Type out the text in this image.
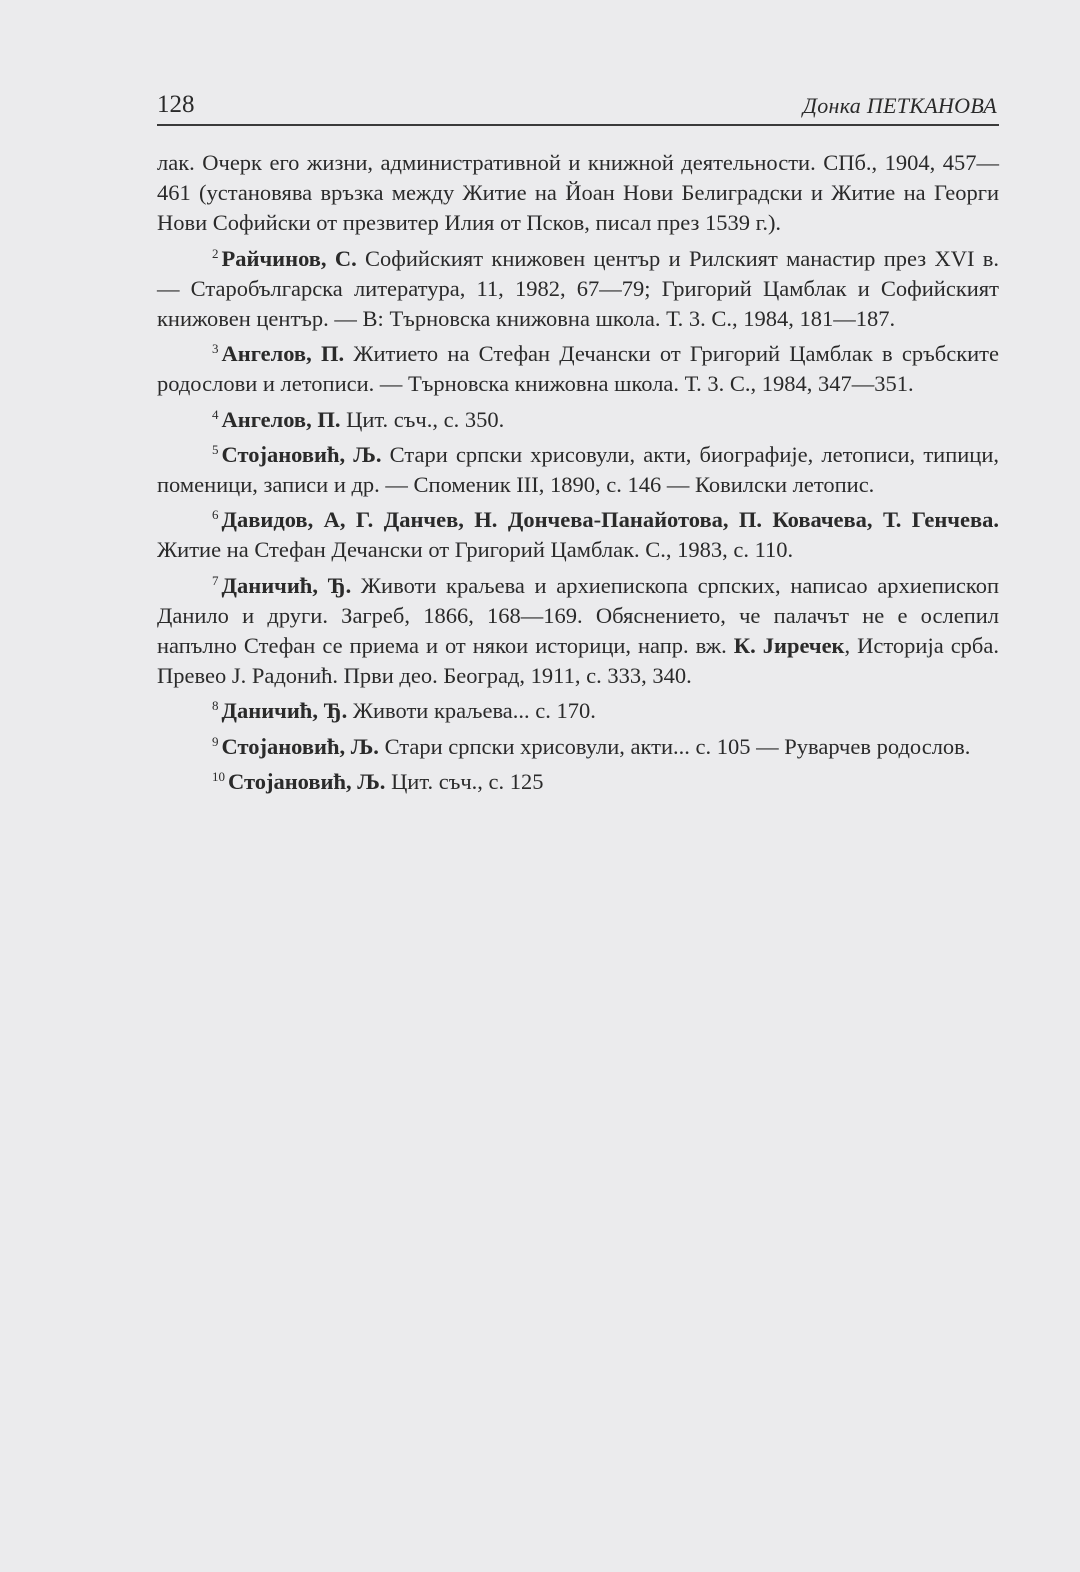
128	Донка ПЕТКАНОВА

лак. Очерк его жизни, административной и книжной деятельности. СПб., 1904, 457—461 (установява връзка между Житие на Йоан Нови Белиградски и Житие на Георги Нови Софийски от презвитер Илия от Псков, писал през 1539 г.).

$^2$ Райчинов, С. Софийският книжовен център и Рилският манастир през XVI в. — Старобългарска литература, 11, 1982, 67—79; Григорий Цамблак и Софийският книжовен център. — В: Търновска книжовна школа. Т. 3. С., 1984, 181—187.

$^3$ Ангелов, П. Житието на Стефан Дечански от Григорий Цамблак в сръбските родослови и летописи. — Търновска книжовна школа. Т. 3. С., 1984, 347—351.

$^4$ Ангелов, П. Цит. съч., с. 350.

$^5$ Стојановић, Љ. Стари српски хрисовули, акти, биографије, летописи, типици, поменици, записи и др. — Споменик III, 1890, с. 146 — Ковилски летопис.

$^6$ Давидов, А, Г. Данчев, Н. Дончева-Панайотова, П. Ковачева, Т. Генчева. Житие на Стефан Дечански от Григорий Цамблак. С., 1983, с. 110.

$^7$ Даничић, Ђ. Животи краљева и архиепископа српских, написао архиепископ Данило и други. Загреб, 1866, 168—169. Обяснението, че палачът не е ослепил напълно Стефан се приема и от някои историци, напр. вж. К. Јиречек, Историја срба. Превео Ј. Радонић. Први део. Београд, 1911, с. 333, 340.

$^8$ Даничић, Ђ. Животи краљева... с. 170.

$^9$ Стојановић, Љ. Стари српски хрисовули, акти... с. 105 — Руварчев родослов.

$^{10}$ Стојановић, Љ. Цит. съч., с. 125
